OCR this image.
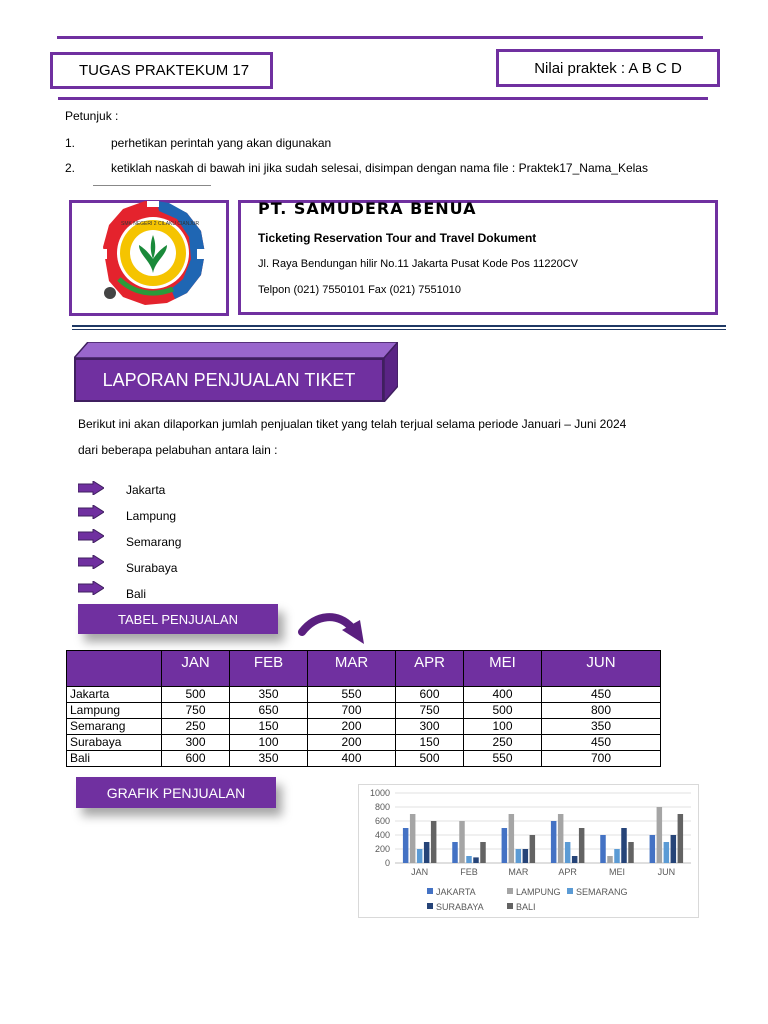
TUGAS PRAKTEKUM 17	Nilai praktek : A B C D
Petunjuk :
1.	perhetikan perintah yang akan digunakan
2.	ketiklah naskah di bawah ini jika sudah selesai, disimpan dengan nama file : Praktek17_Nama_Kelas
SMK NEGERI 2 CILAKU CIANJUR
PT. SAMUDERA BENUA
Ticketing Reservation Tour and Travel Dokument
Jl. Raya Bendungan hilir No.11 Jakarta Pusat Kode Pos 11220CV
Telpon (021) 7550101 Fax (021) 7551010
LAPORAN PENJUALAN TIKET
Berikut ini akan dilaporkan jumlah penjualan tiket yang telah terjual selama periode Januari – Juni 2024
dari beberapa pelabuhan antara lain :
Jakarta
Lampung
Semarang
Surabaya
Bali
TABEL PENJUALAN
	JAN	FEB	MAR	APR	MEI	JUN
Jakarta	500	350	550	600	400	450
Lampung	750	650	700	750	500	800
Semarang	250	150	200	300	100	350
Surabaya	300	100	200	150	250	450
Bali	600	350	400	500	550	700
GRAFIK PENJUALAN
0
200
400
600
800
1000
JAN	FEB	MAR	APR	MEI	JUN
JAKARTA	LAMPUNG SEMARANG
SURABAYA	BALI
